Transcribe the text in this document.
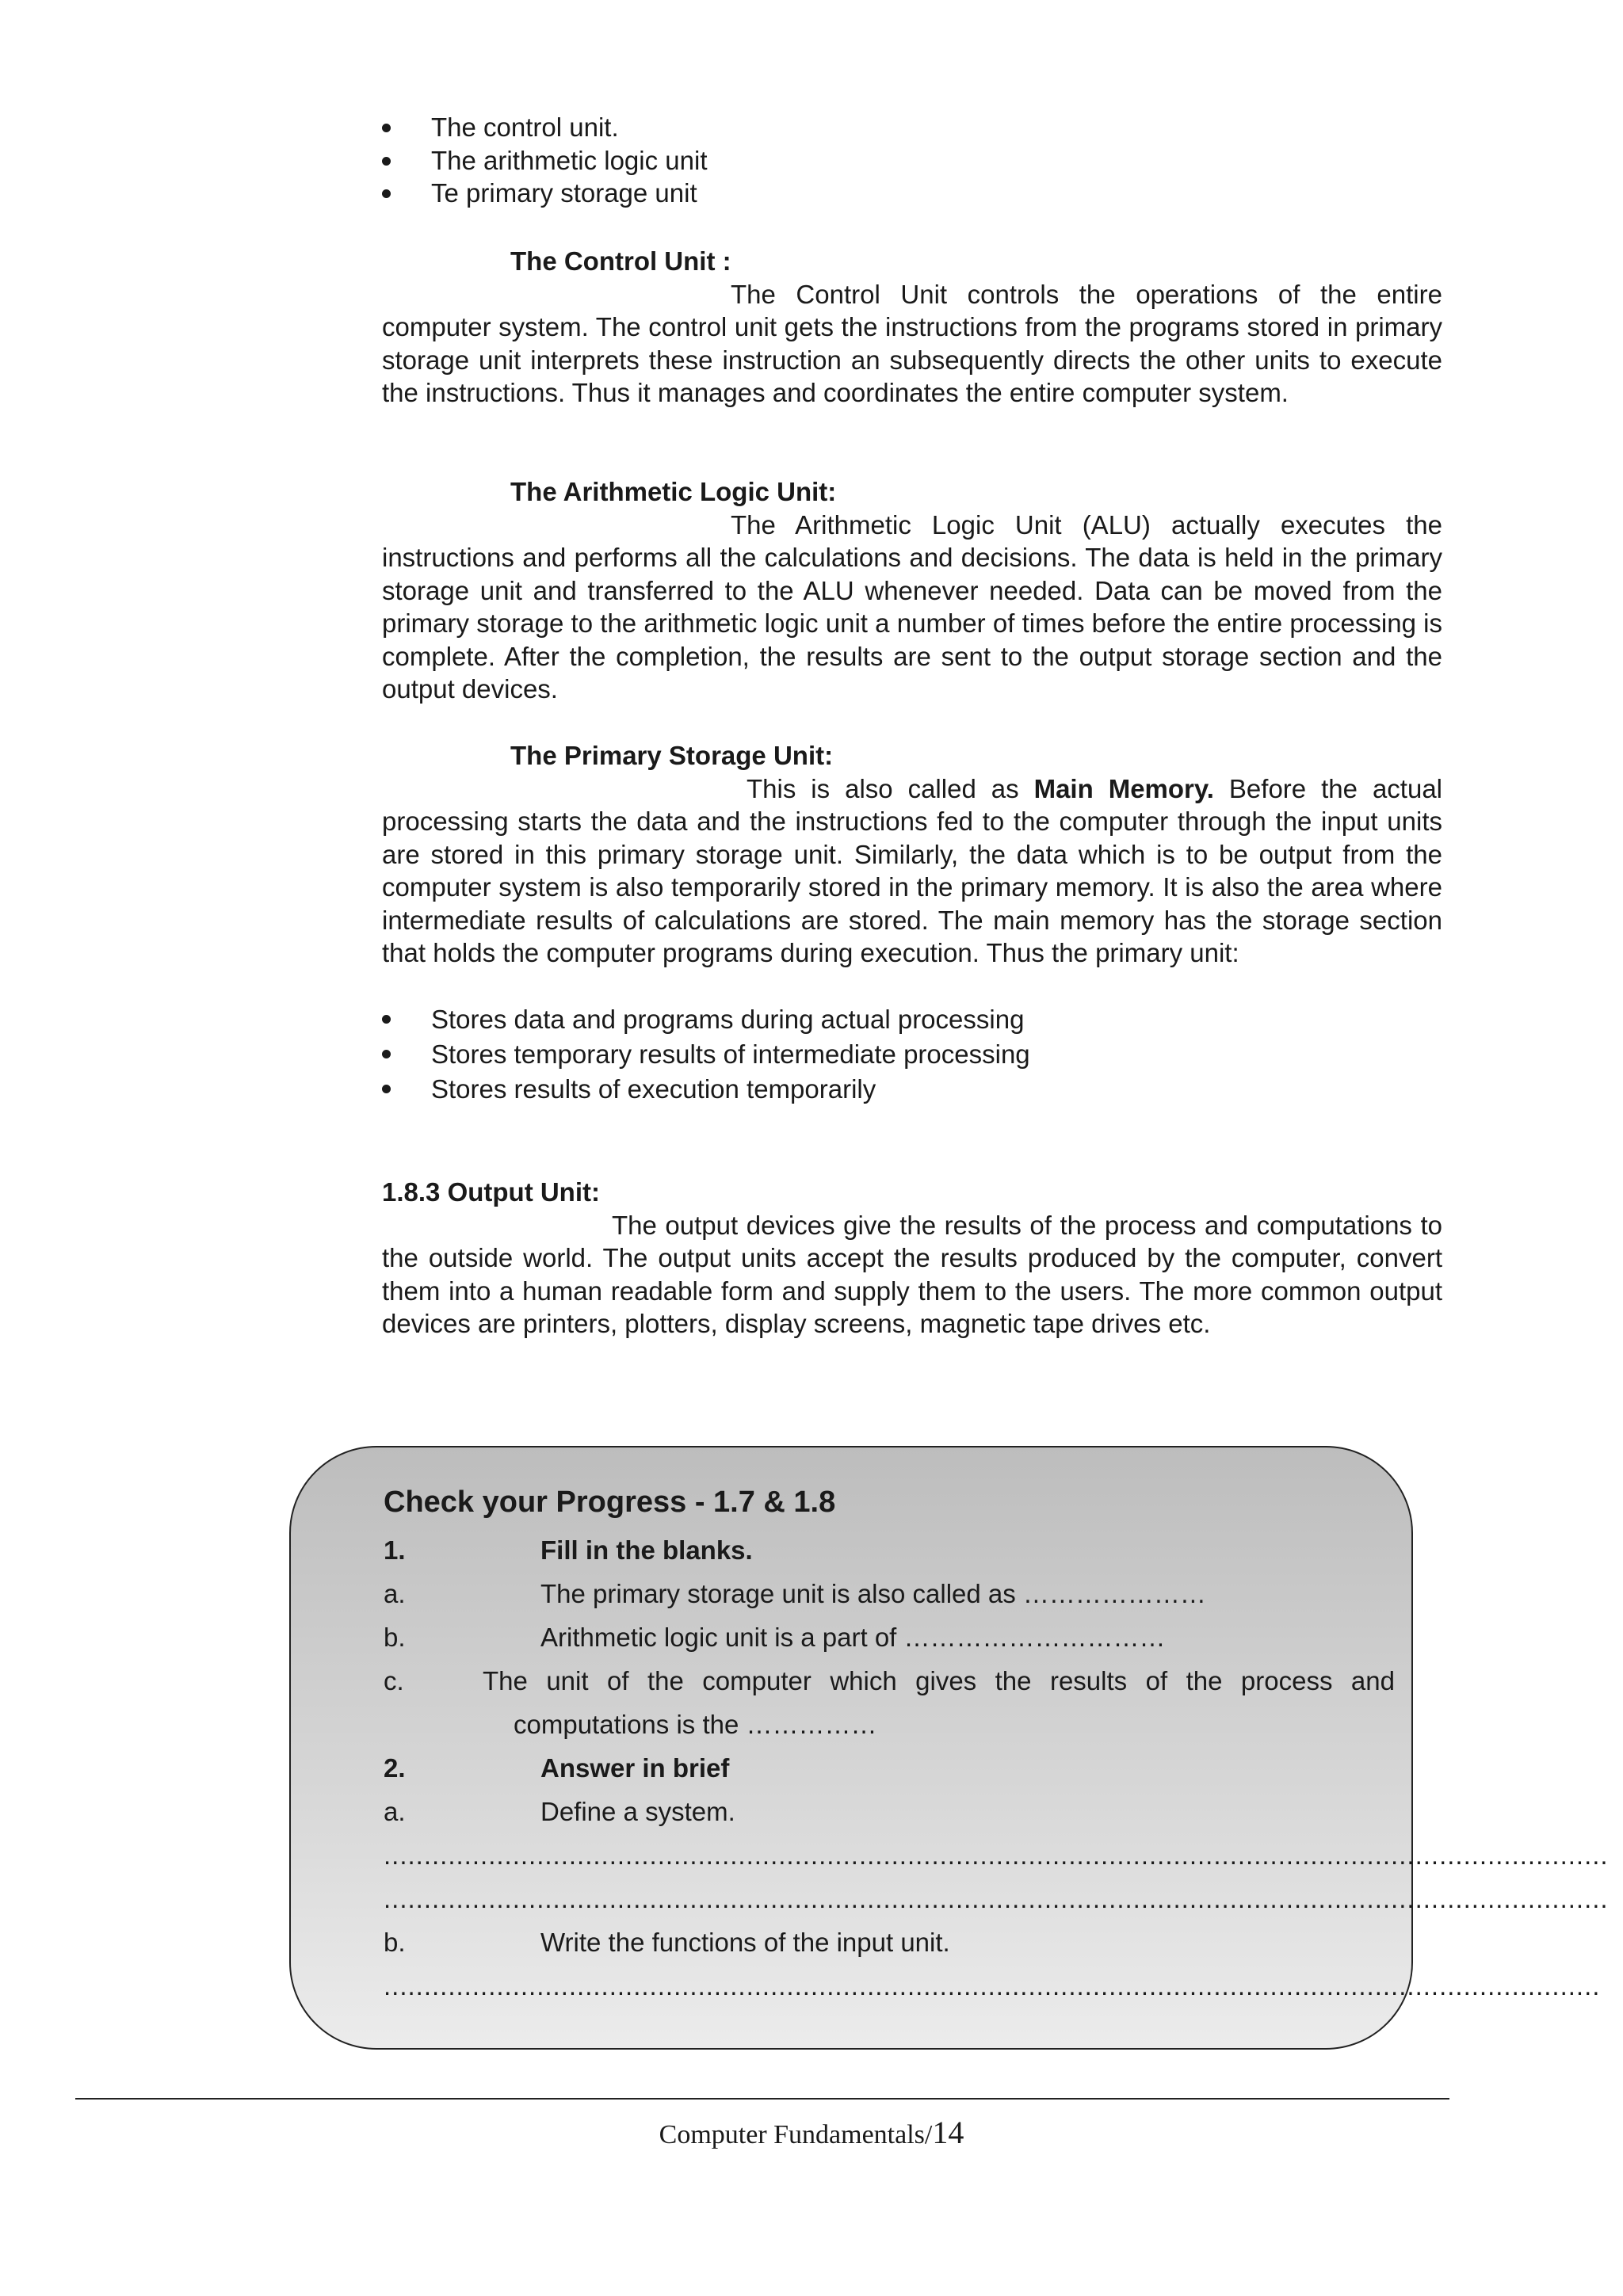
The control unit.
The arithmetic logic unit
Te primary storage unit

The Control Unit :

The Control Unit controls the operations of the entire

computer system. The control unit gets the instructions from the programs stored in primary storage unit interprets these instruction an subsequently directs the other units to execute the instructions. Thus it manages and coordinates the entire computer system.

The Arithmetic Logic Unit:

The Arithmetic Logic Unit (ALU) actually executes the

instructions and performs all the calculations and decisions. The data is held in the primary storage unit and transferred to the ALU whenever needed. Data can be moved from the primary storage to the arithmetic logic unit a number of times before the entire processing is complete. After the completion, the results are sent to the output storage section and the output devices.

The Primary Storage Unit:

This is also called as Main Memory. Before the actual

processing starts the data and the instructions fed to the computer through the input units are stored in this primary storage unit. Similarly, the data which is to be output from the computer system is also temporarily stored in the primary memory. It is also the area where intermediate results of calculations are stored. The main memory has the storage section that holds the computer programs during execution. Thus the primary unit:

Stores data and programs during actual processing
Stores temporary results of intermediate processing
Stores results of execution temporarily

1.8.3 Output Unit:

The output devices give the results of the process and computations to

the outside world. The output units accept the results produced by the computer, convert them into a human readable form and supply them to the users. The more common output devices are printers, plotters, display screens, magnetic tape drives etc.

Check your Progress - 1.7 & 1.8

1.	Fill in the blanks.
a.	The primary storage unit is also called as …………………
b.	Arithmetic logic unit is a part of …………………………
c.	The unit of the computer which gives the results of the process and
computations is the ……………
2.	Answer in brief
a.	Define a system.
........................................................................................................................................................
........................................................................................................................................................
b.	Write the functions of the input unit.
.......................................................................................................................................................
Computer Fundamentals/14
